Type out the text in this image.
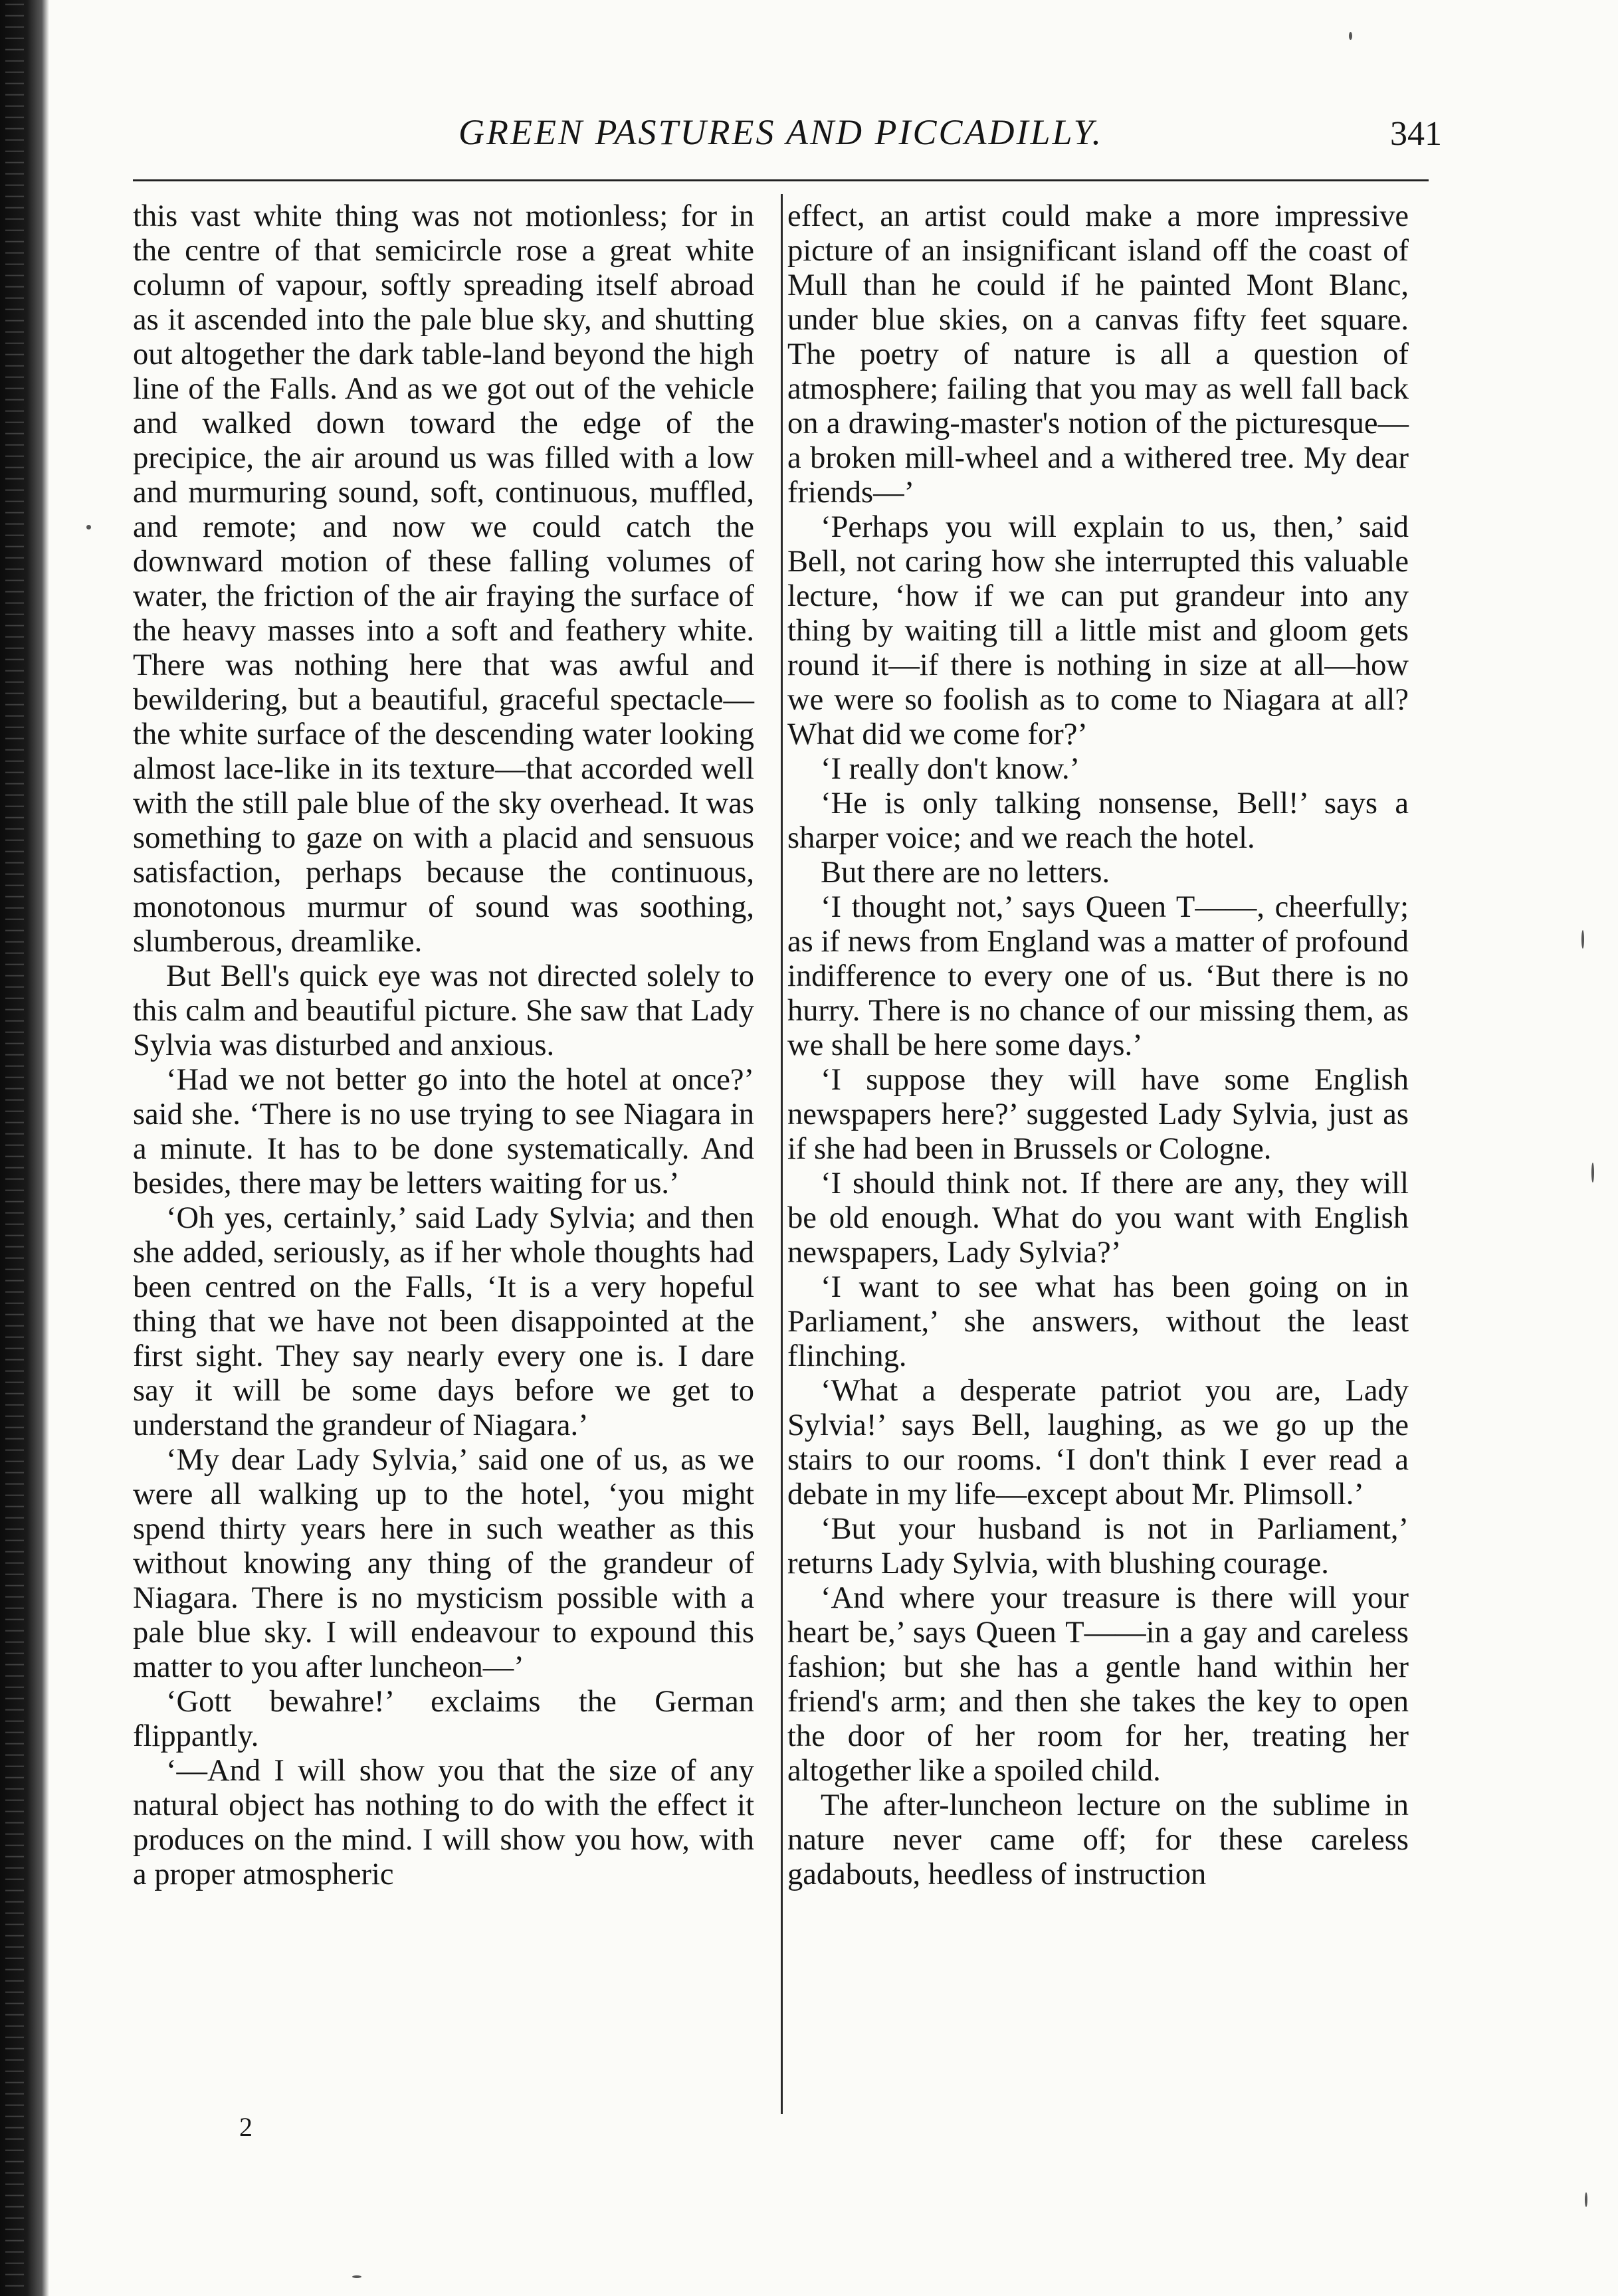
GREEN PASTURES AND PICCADILLY.	341

this vast white thing was not motionless; for in the centre of that semicircle rose a great white column of vapour, softly spreading itself abroad as it ascended into the pale blue sky, and shutting out altogether the dark table-land beyond the high line of the Falls. And as we got out of the vehicle and walked down toward the edge of the precipice, the air around us was filled with a low and murmuring sound, soft, continuous, muffled, and remote; and now we could catch the downward motion of these falling volumes of water, the friction of the air fraying the surface of the heavy masses into a soft and feathery white. There was nothing here that was awful and bewildering, but a beautiful, graceful spectacle—the white surface of the descending water looking almost lace-like in its texture—that accorded well with the still pale blue of the sky overhead. It was something to gaze on with a placid and sensuous satisfaction, perhaps because the continuous, monotonous murmur of sound was soothing, slumberous, dreamlike.

But Bell's quick eye was not directed solely to this calm and beautiful picture. She saw that Lady Sylvia was disturbed and anxious.

‘Had we not better go into the hotel at once?’ said she. ‘There is no use trying to see Niagara in a minute. It has to be done systematically. And besides, there may be letters waiting for us.’

‘Oh yes, certainly,’ said Lady Sylvia; and then she added, seriously, as if her whole thoughts had been centred on the Falls, ‘It is a very hopeful thing that we have not been disappointed at the first sight. They say nearly every one is. I dare say it will be some days before we get to understand the grandeur of Niagara.’

‘My dear Lady Sylvia,’ said one of us, as we were all walking up to the hotel, ‘you might spend thirty years here in such weather as this without knowing any thing of the grandeur of Niagara. There is no mysticism possible with a pale blue sky. I will endeavour to expound this matter to you after luncheon—’

‘Gott bewahre!’ exclaims the German flippantly.

‘—And I will show you that the size of any natural object has nothing to do with the effect it produces on the mind. I will show you how, with a proper atmospheric

effect, an artist could make a more impressive picture of an insignificant island off the coast of Mull than he could if he painted Mont Blanc, under blue skies, on a canvas fifty feet square. The poetry of nature is all a question of atmosphere; failing that you may as well fall back on a drawing-master's notion of the picturesque—a broken mill-wheel and a withered tree. My dear friends—’

‘Perhaps you will explain to us, then,’ said Bell, not caring how she interrupted this valuable lecture, ‘how if we can put grandeur into any thing by waiting till a little mist and gloom gets round it—if there is nothing in size at all—how we were so foolish as to come to Niagara at all? What did we come for?’

‘I really don't know.’

‘He is only talking nonsense, Bell!’ says a sharper voice; and we reach the hotel.

But there are no letters.

‘I thought not,’ says Queen T——, cheerfully; as if news from England was a matter of profound indifference to every one of us. ‘But there is no hurry. There is no chance of our missing them, as we shall be here some days.’

‘I suppose they will have some English newspapers here?’ suggested Lady Sylvia, just as if she had been in Brussels or Cologne.

‘I should think not. If there are any, they will be old enough. What do you want with English newspapers, Lady Sylvia?’

‘I want to see what has been going on in Parliament,’ she answers, without the least flinching.

‘What a desperate patriot you are, Lady Sylvia!’ says Bell, laughing, as we go up the stairs to our rooms. ‘I don't think I ever read a debate in my life—except about Mr. Plimsoll.’

‘But your husband is not in Parliament,’ returns Lady Sylvia, with blushing courage.

‘And where your treasure is there will your heart be,’ says Queen T——in a gay and careless fashion; but she has a gentle hand within her friend's arm; and then she takes the key to open the door of her room for her, treating her altogether like a spoiled child.

The after-luncheon lecture on the sublime in nature never came off; for these careless gadabouts, heedless of instruction

2
